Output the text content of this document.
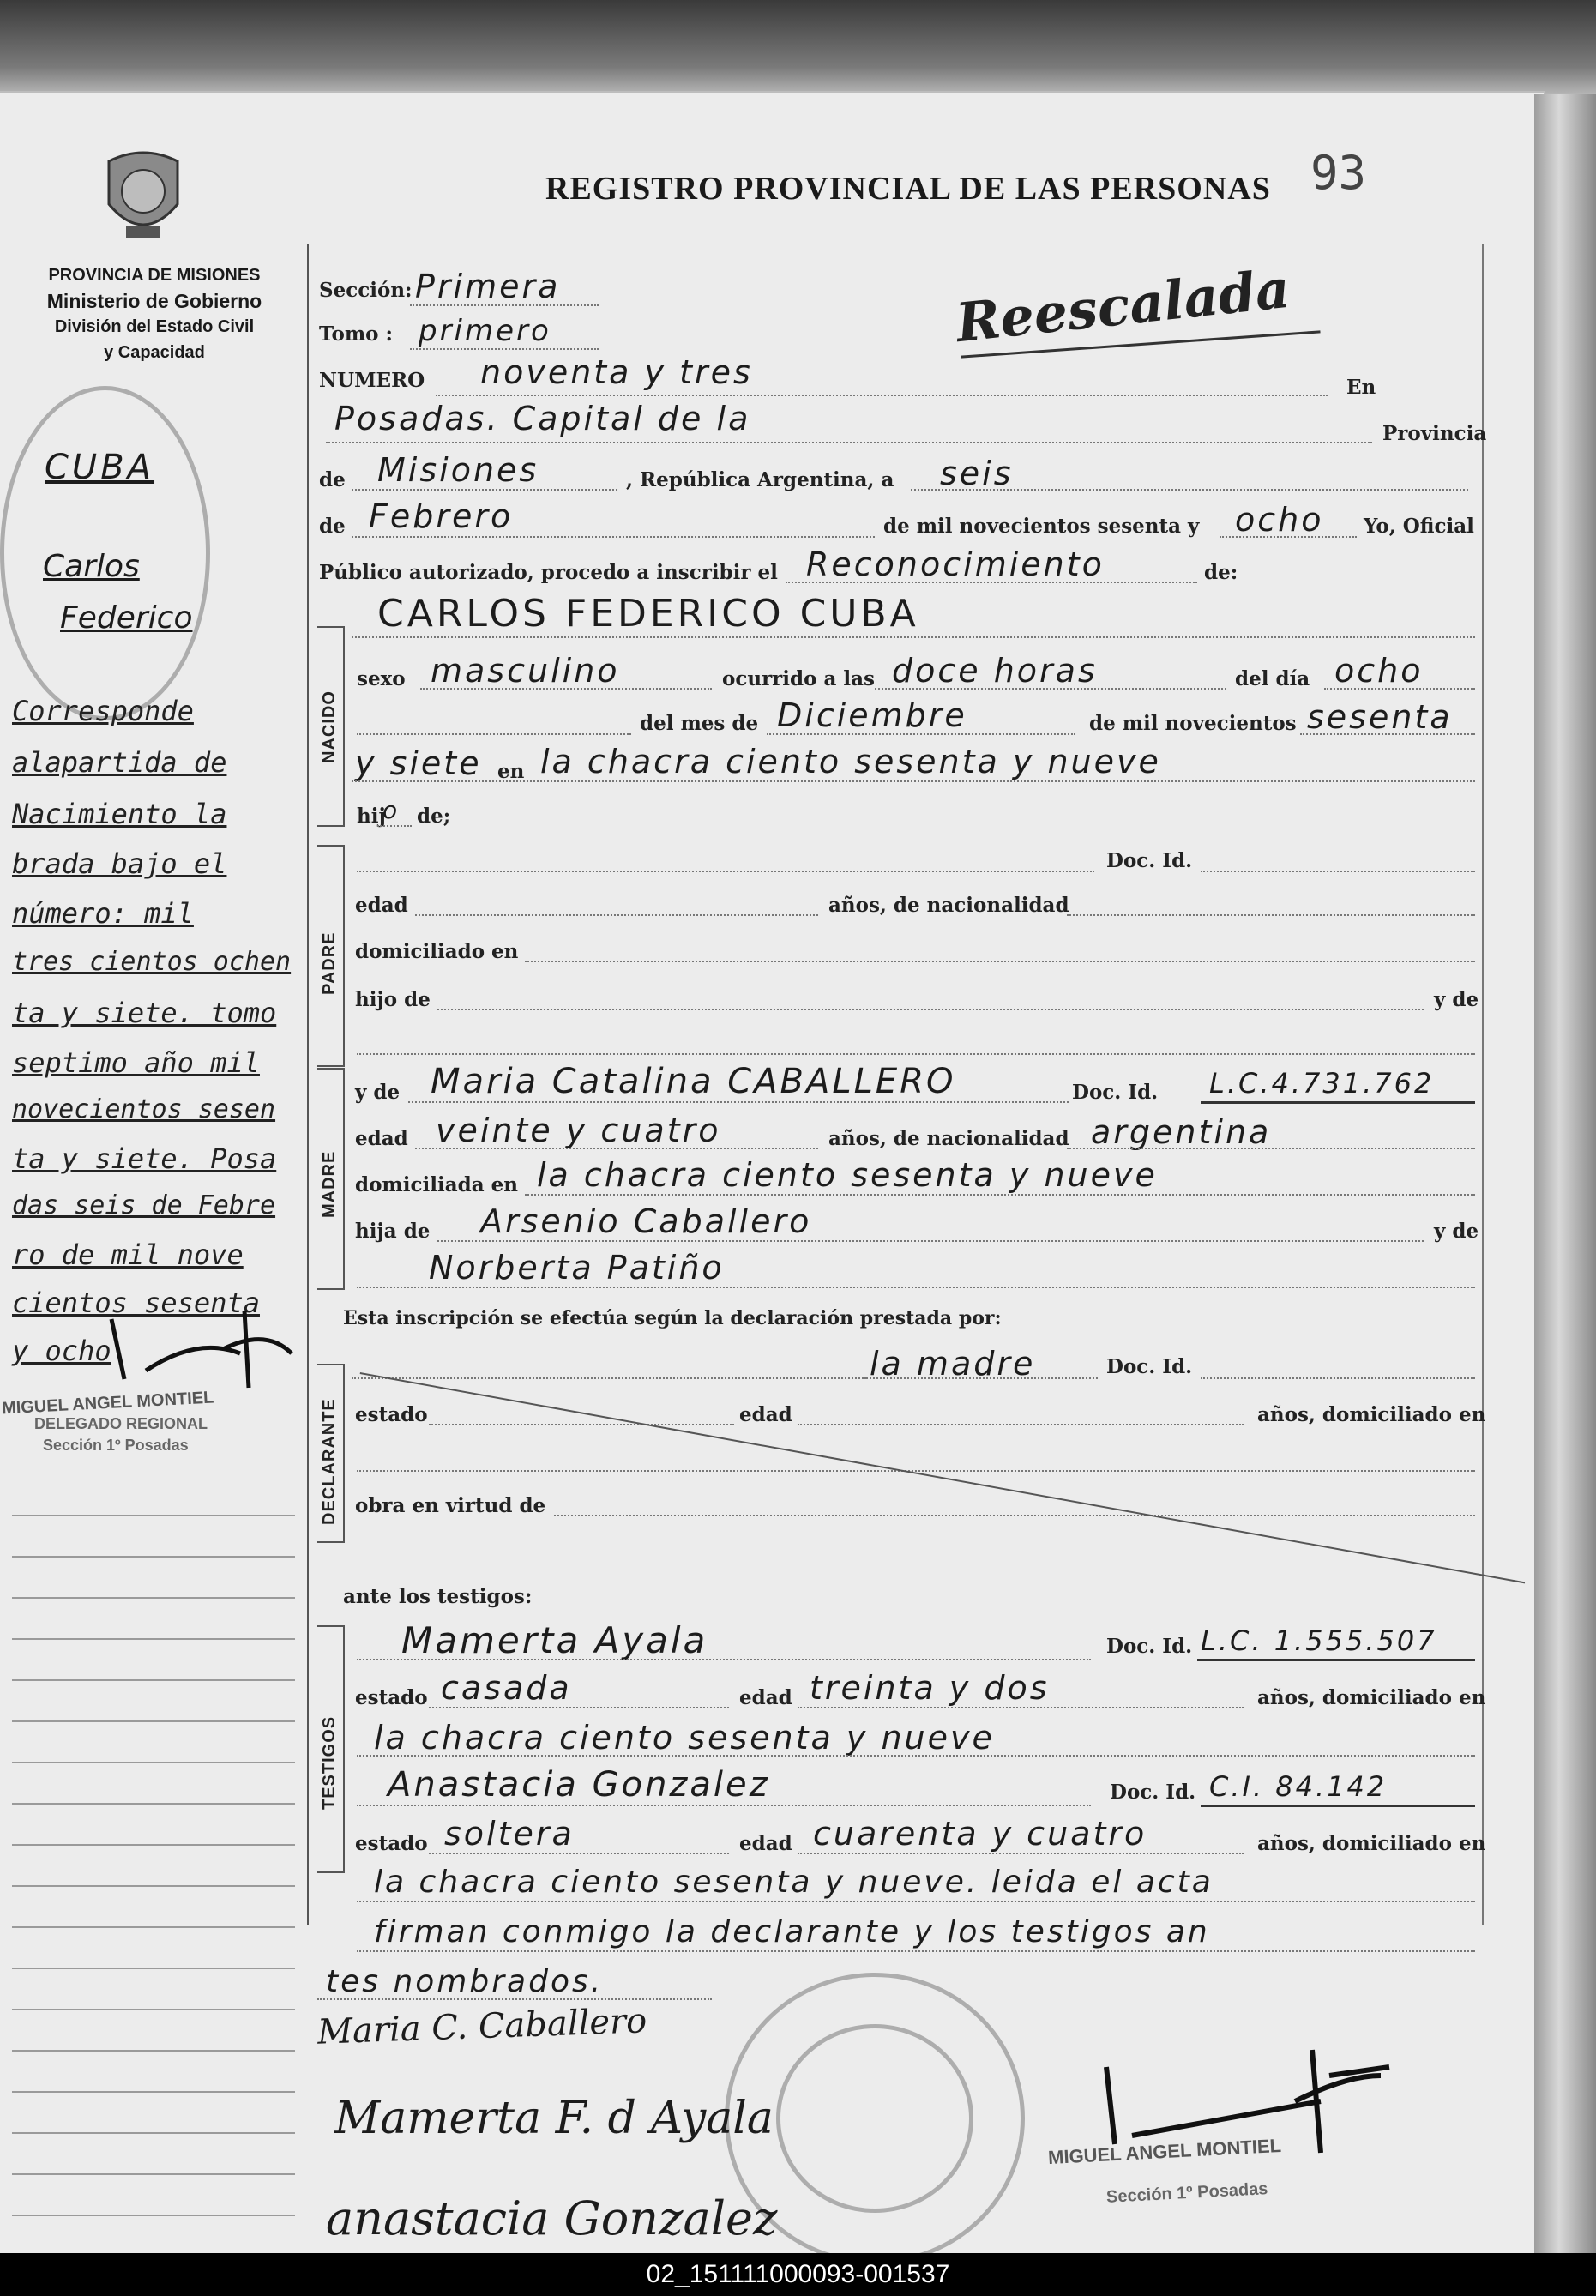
PROVINCIA DE MISIONES
Ministerio de Gobierno
División del Estado Civil
y Capacidad
REGISTRO PROVINCIAL DE LAS PERSONAS 93
Reescalada
CUBA
Carlos
Federico
Corresponde
alapartida de
Nacimiento la
brada bajo el
número: mil
tres cientos ochen
ta y siete. tomo
septimo año mil
novecientos sesen
ta y siete. Posa
das seis de Febre
ro de mil nove
cientos sesenta
y ocho
MIGUEL ANGEL MONTIEL
DELEGADO REGIONAL
Sección 1º Posadas
Sección: Primera
Tomo : primero
NUMERO noventa y tres	En
Posadas. Capital de la	Provincia
de Misiones	, República Argentina, a seis
de Febrero	de mil novecientos sesenta y ocho Yo, Oficial
Público autorizado, procedo a inscribir el Reconocimiento	de:
CARLOS FEDERICO CUBA
NACIDO
sexo masculino	ocurrido a las doce horas	del día ocho
del mes de Diciembre	de mil novecientos sesenta
y siete en la chacra ciento sesenta y nueve
hij
o de;
PADRE
Doc. Id.
edad	años, de nacionalidad
domiciliado en
hijo de	y de
MADRE
y de Maria Catalina CABALLERO	Doc. Id. L.C.4.731.762
edad veinte y cuatro	años, de nacionalidad argentina
domiciliada en la chacra ciento sesenta y nueve
hija de Arsenio Caballero	y de
Norberta Patiño
Esta inscripción se efectúa según la declaración prestada por:
la madre	Doc. Id.
DECLARANTE estado	edad	años, domiciliado en
obra en virtud de
ante los testigos:
TESTIGOS
Mamerta Ayala	Doc. Id. L.C. 1.555.507
estado casada	edad treinta y dos	años, domiciliado en
la chacra ciento sesenta y nueve
Anastacia Gonzalez	Doc. Id. C.I. 84.142
estado soltera	edad cuarenta y cuatro	años, domiciliado en
la chacra ciento sesenta y nueve. leida el acta
firman conmigo la declarante y los testigos an
tes nombrados.
Maria C. Caballero
Mamerta F. d Ayala
anastacia Gonzalez
MIGUEL ANGEL MONTIEL
Sección 1º Posadas
02_151111000093-001537
